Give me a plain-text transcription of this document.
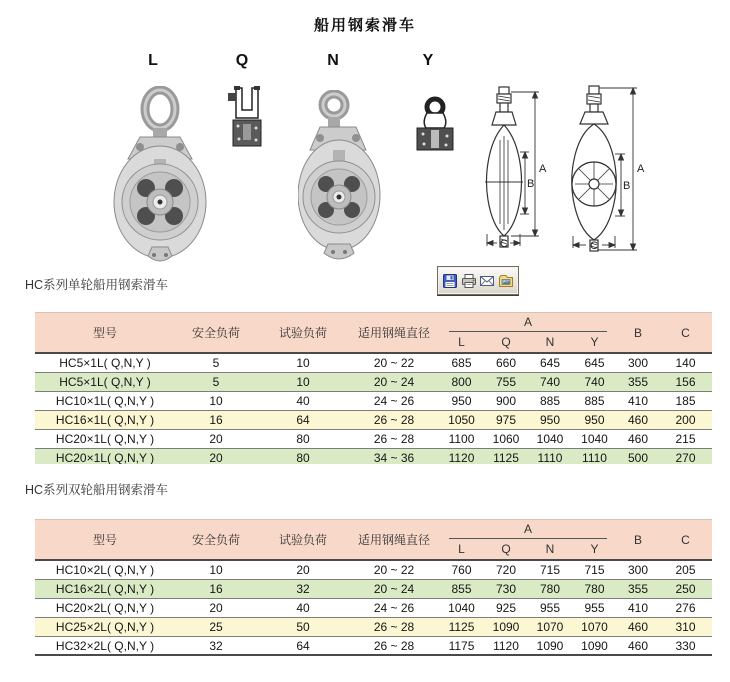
船用钢索滑车
L	Q	N	Y
A
B
C
A
B
C
HC系列单轮船用钢索滑车
型号	安全负荷	试验负荷	适用钢绳直径
A
L	Q	N	Y
B	C
HC5×1L( Q,N,Y )	5	10	20 ~ 22	685	660	645	645	300	140
HC5×1L( Q,N,Y )	5	10	20 ~ 24	800	755	740	740	355	156
HC10×1L( Q,N,Y )	10	40	24 ~ 26	950	900	885	885	410	185
HC16×1L( Q,N,Y )	16	64	26 ~ 28	1050	975	950	950	460	200
HC20×1L( Q,N,Y )	20	80	26 ~ 28	1100	1060	1040	1040	460	215
HC20×1L( Q,N,Y )	20	80	34 ~ 36	1120	1125	1110	1110	500	270
HC系列双轮船用钢索滑车
型号	安全负荷	试验负荷	适用钢绳直径
A
L	Q	N	Y
B	C
HC10×2L( Q,N,Y )	10	20	20 ~ 22	760	720	715	715	300	205
HC16×2L( Q,N,Y )	16	32	20 ~ 24	855	730	780	780	355	250
HC20×2L( Q,N,Y )	20	40	24 ~ 26	1040	925	955	955	410	276
HC25×2L( Q,N,Y )	25	50	26 ~ 28	1125	1090	1070	1070	460	310
HC32×2L( Q,N,Y )	32	64	26 ~ 28	1175	1120	1090	1090	460	330
